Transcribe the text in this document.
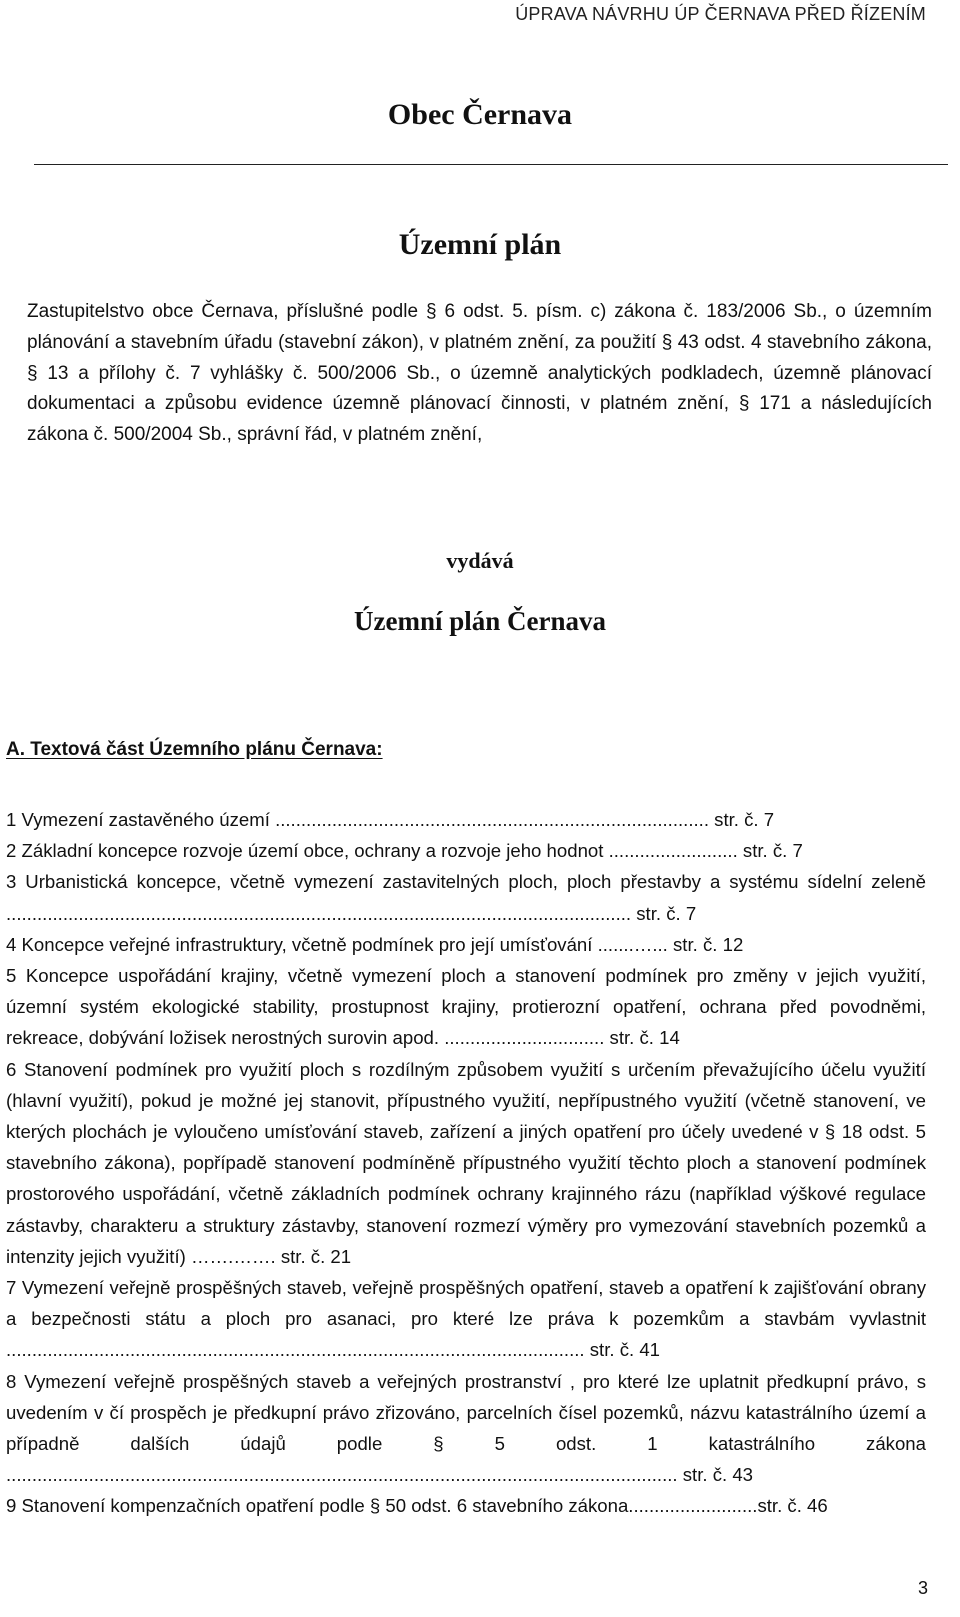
ÚPRAVA NÁVRHU ÚP ČERNAVA PŘED ŘÍZENÍM
Obec Černava
Územní plán

Zastupitelstvo obce Černava, příslušné podle § 6 odst. 5. písm. c) zákona č. 183/2006 Sb., o územním plánování a stavebním úřadu (stavební zákon), v platném znění, za použití § 43 odst. 4 stavebního zákona, § 13 a přílohy č. 7 vyhlášky č. 500/2006 Sb., o územně analytických podkladech, územně plánovací dokumentaci a způsobu evidence územně plánovací činnosti, v platném znění, § 171 a následujících zákona č. 500/2004 Sb., správní řád, v platném znění,

vydává
Územní plán Černava

A. Textová část Územního plánu Černava:

1 Vymezení zastavěného území .................................................................................... str. č. 7

2 Základní koncepce rozvoje území obce, ochrany a rozvoje jeho hodnot ......................... str. č. 7

3 Urbanistická koncepce, včetně vymezení zastavitelných ploch, ploch přestavby a systému sídelní zeleně ......................................................................................................................... str. č. 7

4 Koncepce veřejné infrastruktury, včetně podmínek pro její umísťování .......…... str. č. 12

5 Koncepce uspořádání krajiny, včetně vymezení ploch a stanovení podmínek pro změny v jejich využití, územní systém ekologické stability, prostupnost krajiny, protierozní opatření, ochrana před povodněmi, rekreace, dobývání ložisek nerostných surovin apod. ............................... str. č. 14

6 Stanovení podmínek pro využití ploch s rozdílným způsobem využití s určením převažujícího účelu využití (hlavní využití), pokud je možné jej stanovit, přípustného využití, nepřípustného využití (včetně stanovení, ve kterých plochách je vyloučeno umísťování staveb, zařízení a jiných opatření pro účely uvedené v § 18 odst. 5 stavebního zákona), popřípadě stanovení podmíněně přípustného využití těchto ploch a stanovení podmínek prostorového uspořádání, včetně základních podmínek ochrany krajinného rázu (například výškové regulace zástavby, charakteru a struktury zástavby, stanovení rozmezí výměry pro vymezování stavebních pozemků a intenzity jejich využití) …….……. str. č. 21

7 Vymezení veřejně prospěšných staveb, veřejně prospěšných opatření, staveb a opatření k zajišťování obrany a bezpečnosti státu a ploch pro asanaci, pro které lze práva k pozemkům a stavbám vyvlastnit ................................................................................................................ str. č. 41

8 Vymezení veřejně prospěšných staveb a veřejných prostranství , pro které lze uplatnit předkupní právo, s uvedením v čí prospěch je předkupní právo zřizováno, parcelních čísel pozemků, názvu katastrálního území a případně dalších údajů podle § 5 odst. 1 katastrálního zákona .................................................................................................................................. str. č. 43

9 Stanovení kompenzačních opatření podle § 50 odst. 6 stavebního zákona.........................str. č. 46

3
